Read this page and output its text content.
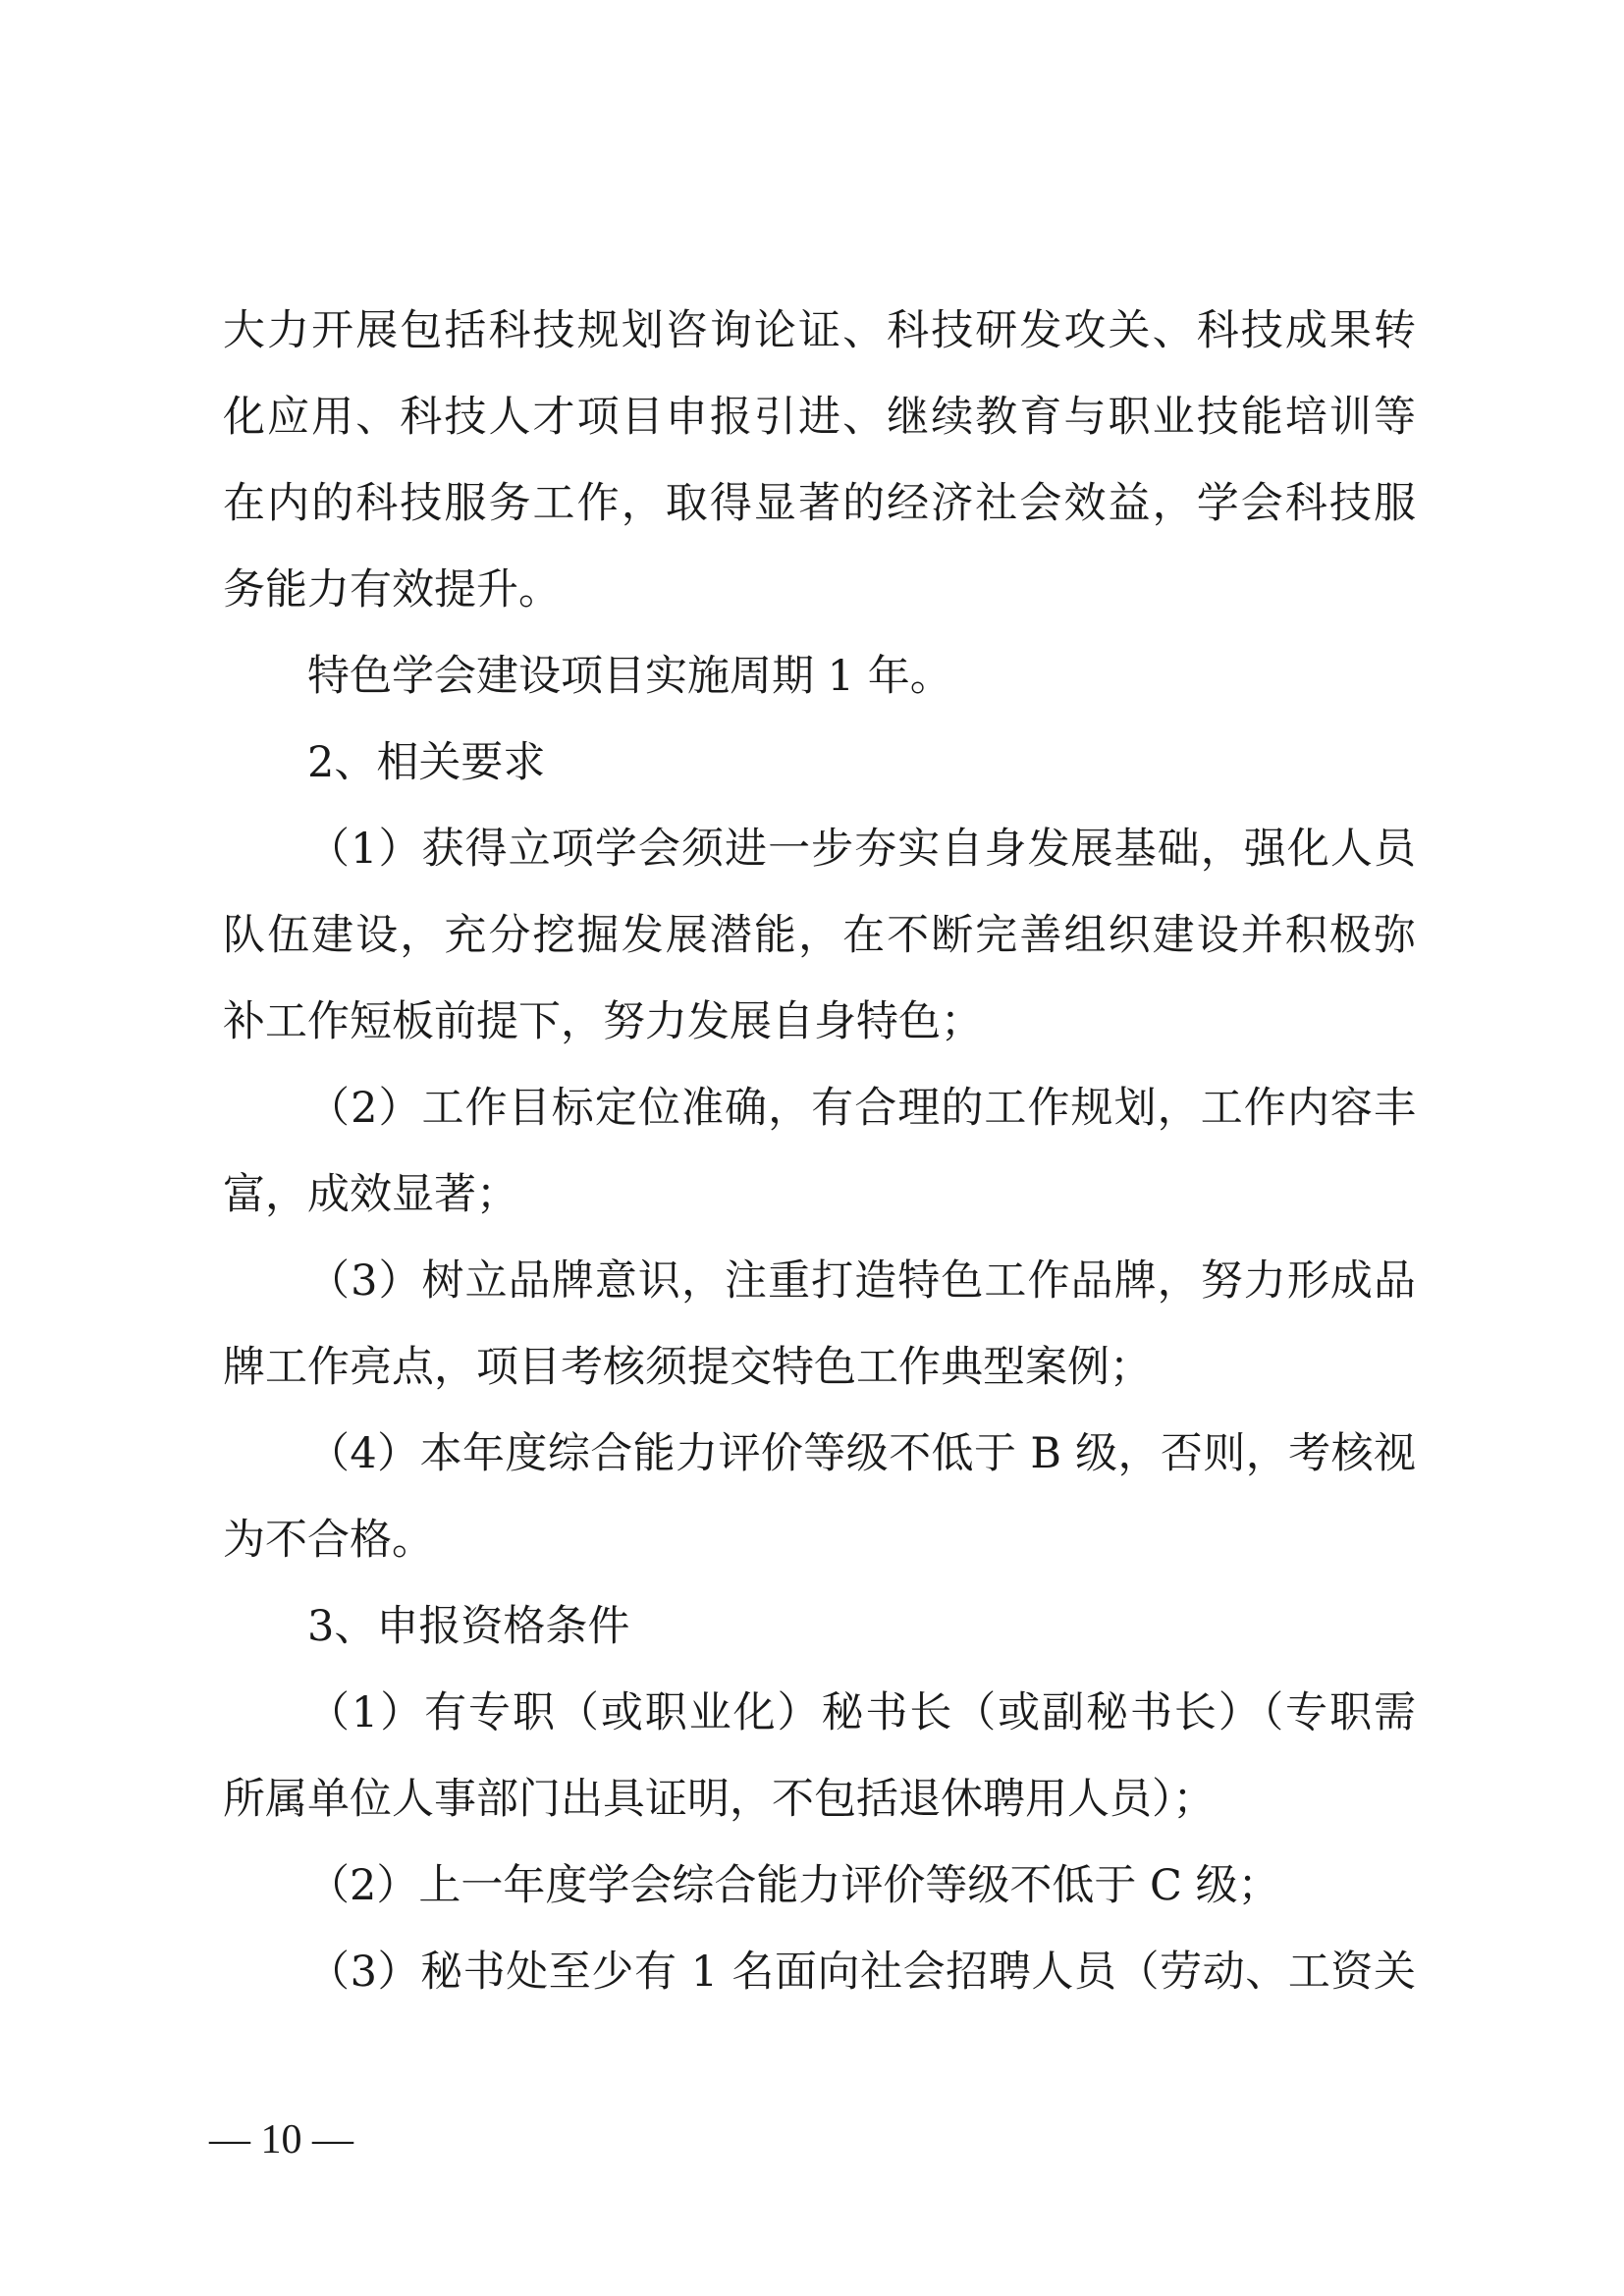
大力开展包括科技规划咨询论证、科技研发攻关、科技成果转
化应用、科技人才项目申报引进、继续教育与职业技能培训等
在内的科技服务工作，取得显著的经济社会效益，学会科技服
务能力有效提升。
特色学会建设项目实施周期 1 年。
2、相关要求
（1）获得立项学会须进一步夯实自身发展基础，强化人员
队伍建设，充分挖掘发展潜能，在不断完善组织建设并积极弥
补工作短板前提下，努力发展自身特色；
（2）工作目标定位准确，有合理的工作规划，工作内容丰
富，成效显著；
（3）树立品牌意识，注重打造特色工作品牌，努力形成品
牌工作亮点，项目考核须提交特色工作典型案例；
（4）本年度综合能力评价等级不低于 B 级，否则，考核视
为不合格。
3、申报资格条件
（1）有专职（或职业化）秘书长（或副秘书长）（专职需
所属单位人事部门出具证明，不包括退休聘用人员）；
（2）上一年度学会综合能力评价等级不低于 C 级；
（3）秘书处至少有 1 名面向社会招聘人员（劳动、工资关
— 10 —
